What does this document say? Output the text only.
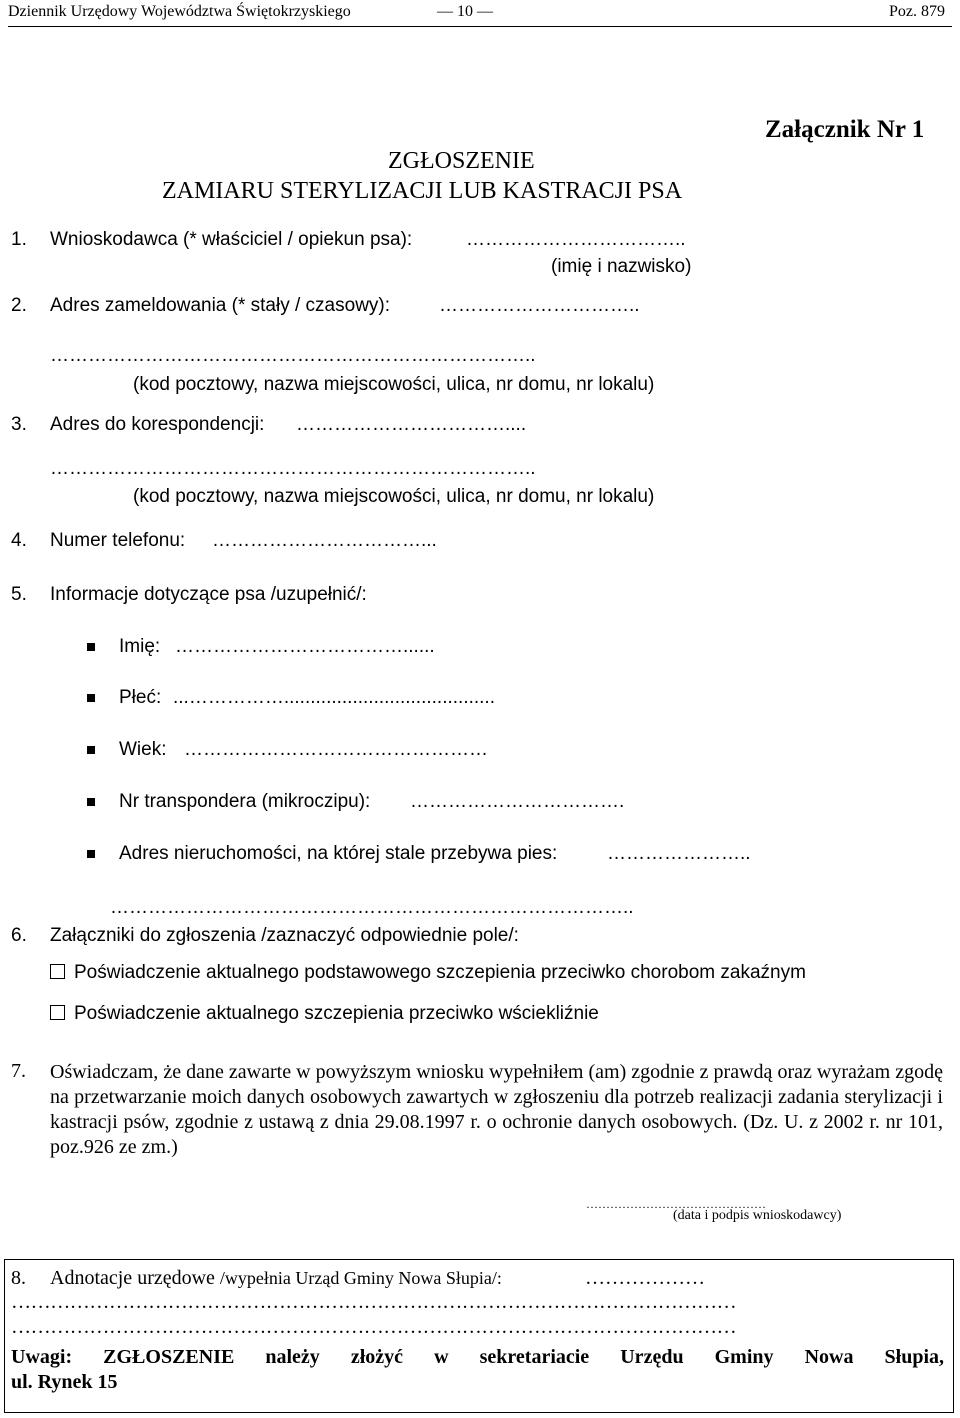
Dziennik Urzędowy Województwa Świętokrzyskiego	— 10 —	Poz. 879
Załącznik Nr 1
ZGŁOSZENIE
ZAMIARU STERYLIZACJI LUB KASTRACJI PSA
1. Wnioskodawca (* właściciel / opiekun psa):	……………………………..
(imię i nazwisko)
2. Adres zameldowania (* stały / czasowy):	…………………………..
…………………………………………………………………..
(kod pocztowy, nazwa miejscowości, ulica, nr domu, nr lokalu)
3. Adres do korespondencji: ……………………………....
…………………………………………………………………..
(kod pocztowy, nazwa miejscowości, ulica, nr domu, nr lokalu)
4. Numer telefonu: ……………………………...
5. Informacje dotyczące psa /uzupełnić/:
Imię: ………………………………......
Płeć: ...……………........................................
Wiek: …………………………………………
Nr transpondera (mikroczipu): …………………………….
Adres nieruchomości, na której stale przebywa pies:	…………………..
………………………………………………………………………..
6. Załączniki do zgłoszenia /zaznaczyć odpowiednie pole/:
Poświadczenie aktualnego podstawowego szczepienia przeciwko chorobom zakaźnym
Poświadczenie aktualnego szczepienia przeciwko wściekliźnie
7. Oświadczam, że dane zawarte w powyższym wniosku wypełniłem (am) zgodnie z prawdą oraz wyrażam zgodę na przetwarzanie moich danych osobowych zawartych w zgłoszeniu dla potrzeb realizacji zadania sterylizacji i kastracji psów, zgodnie z ustawą z dnia 29.08.1997 r. o ochronie danych osobowych. (Dz. U. z 2002 r. nr 101, poz.926 ze zm.)
………………………………………
(data i podpis wnioskodawcy)
8. Adnotacje urzędowe /wypełnia Urząd Gminy Nowa Słupia/:	………………
…………………………………………………………………………………………………
…………………………………………………………………………………………………
Uwagi: ZGŁOSZENIE należy złożyć w sekretariacie Urzędu Gminy Nowa Słupia,
ul. Rynek 15
